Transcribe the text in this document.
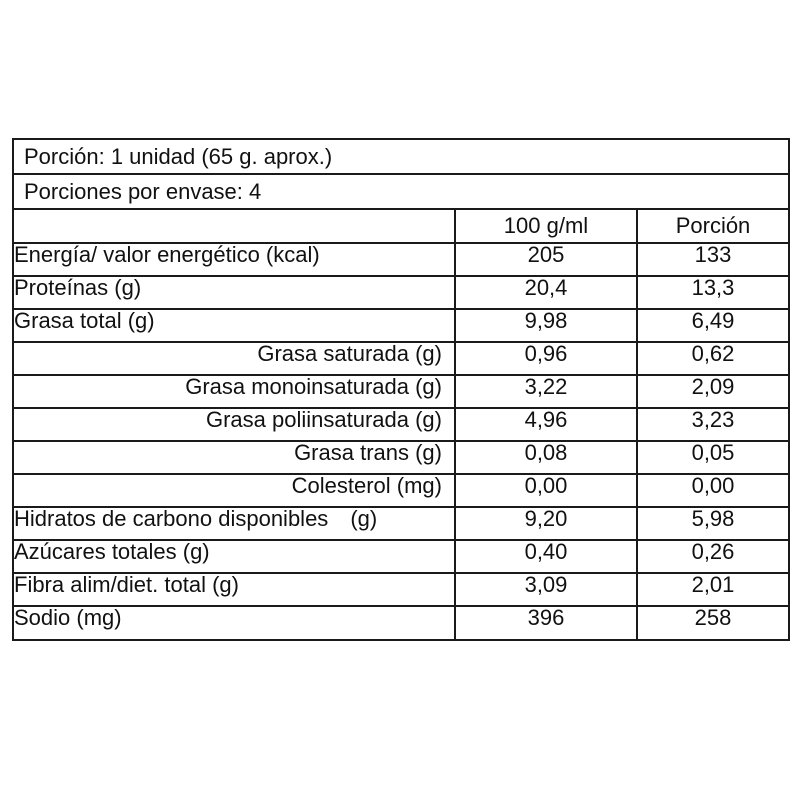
Porción: 1 unidad (65 g. aprox.)
Porciones por envase: 4
	100 g/ml	Porción
Energía/ valor energético (kcal)	205	133
Proteínas (g)	20,4	13,3
Grasa total (g)	9,98	6,49
Grasa saturada (g)	0,96	0,62
Grasa monoinsaturada (g)	3,22	2,09
Grasa poliinsaturada (g)	4,96	3,23
Grasa trans (g)	0,08	0,05
Colesterol (mg)	0,00	0,00
Hidratos de carbono disponibles (g)	9,20	5,98
Azúcares totales (g)	0,40	0,26
Fibra alim/diet. total (g)	3,09	2,01
Sodio (mg)	396	258
